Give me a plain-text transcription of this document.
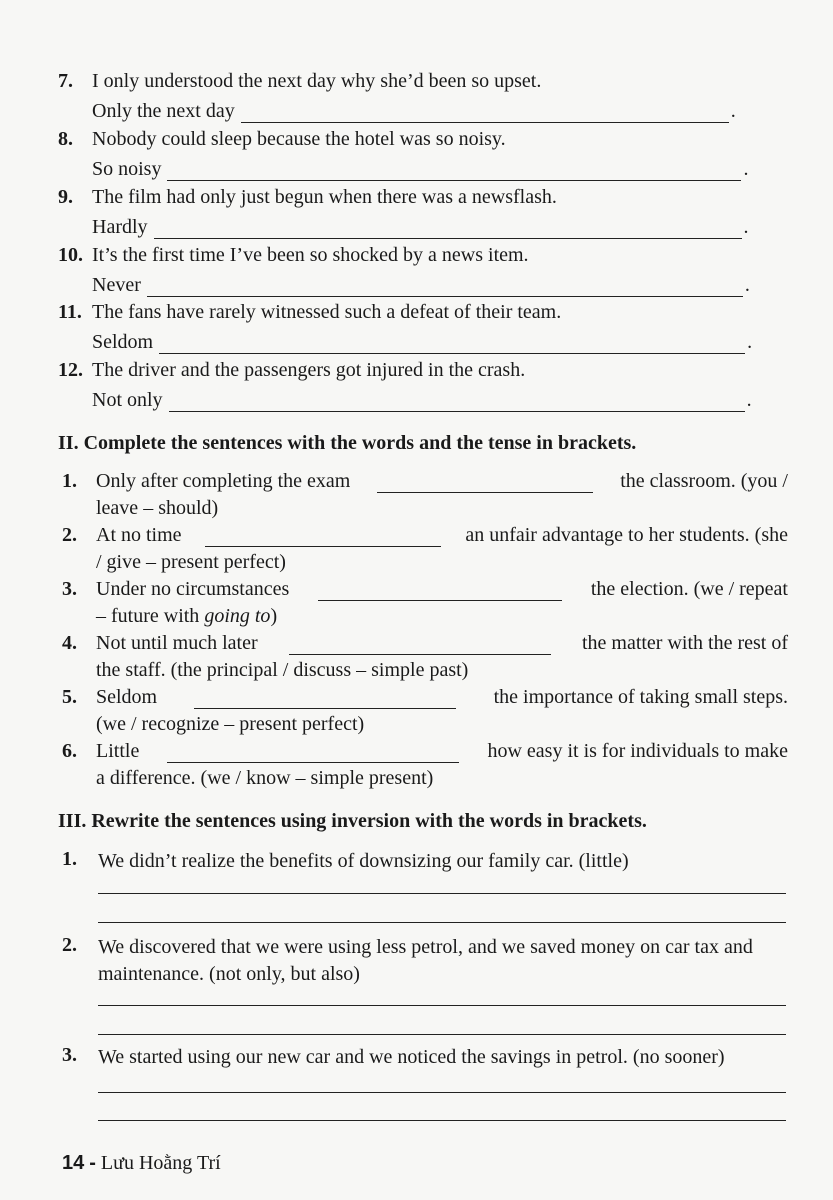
7. I only understood the next day why she’d been so upset.
Only the next day	.
8. Nobody could sleep because the hotel was so noisy.
So noisy	.
9. The film had only just begun when there was a newsflash.
Hardly	.
10. It’s the first time I’ve been so shocked by a news item.
Never	.
11. The fans have rarely witnessed such a defeat of their team.
Seldom	.
12. The driver and the passengers got injured in the crash.
Not only	.
II. Complete the sentences with the words and the tense in brackets.
1. Only after completing the exam	the classroom. (you /
leave – should)
2. At no time	an unfair advantage to her students. (she
/ give – present perfect)
3. Under no circumstances	the election. (we / repeat
– future with going to)
4. Not until much later	the matter with the rest of
the staff. (the principal / discuss – simple past)
5. Seldom	the importance of taking small steps.
(we / recognize – present perfect)
6. Little	how easy it is for individuals to make
a difference. (we / know – simple present)
III. Rewrite the sentences using inversion with the words in brackets.
1. We didn’t realize the benefits of downsizing our family car. (little)
2. We discovered that we were using less petrol, and we saved money on car tax and maintenance. (not only, but also)
3. We started using our new car and we noticed the savings in petrol. (no sooner)
14 - Lưu Hoằng Trí
